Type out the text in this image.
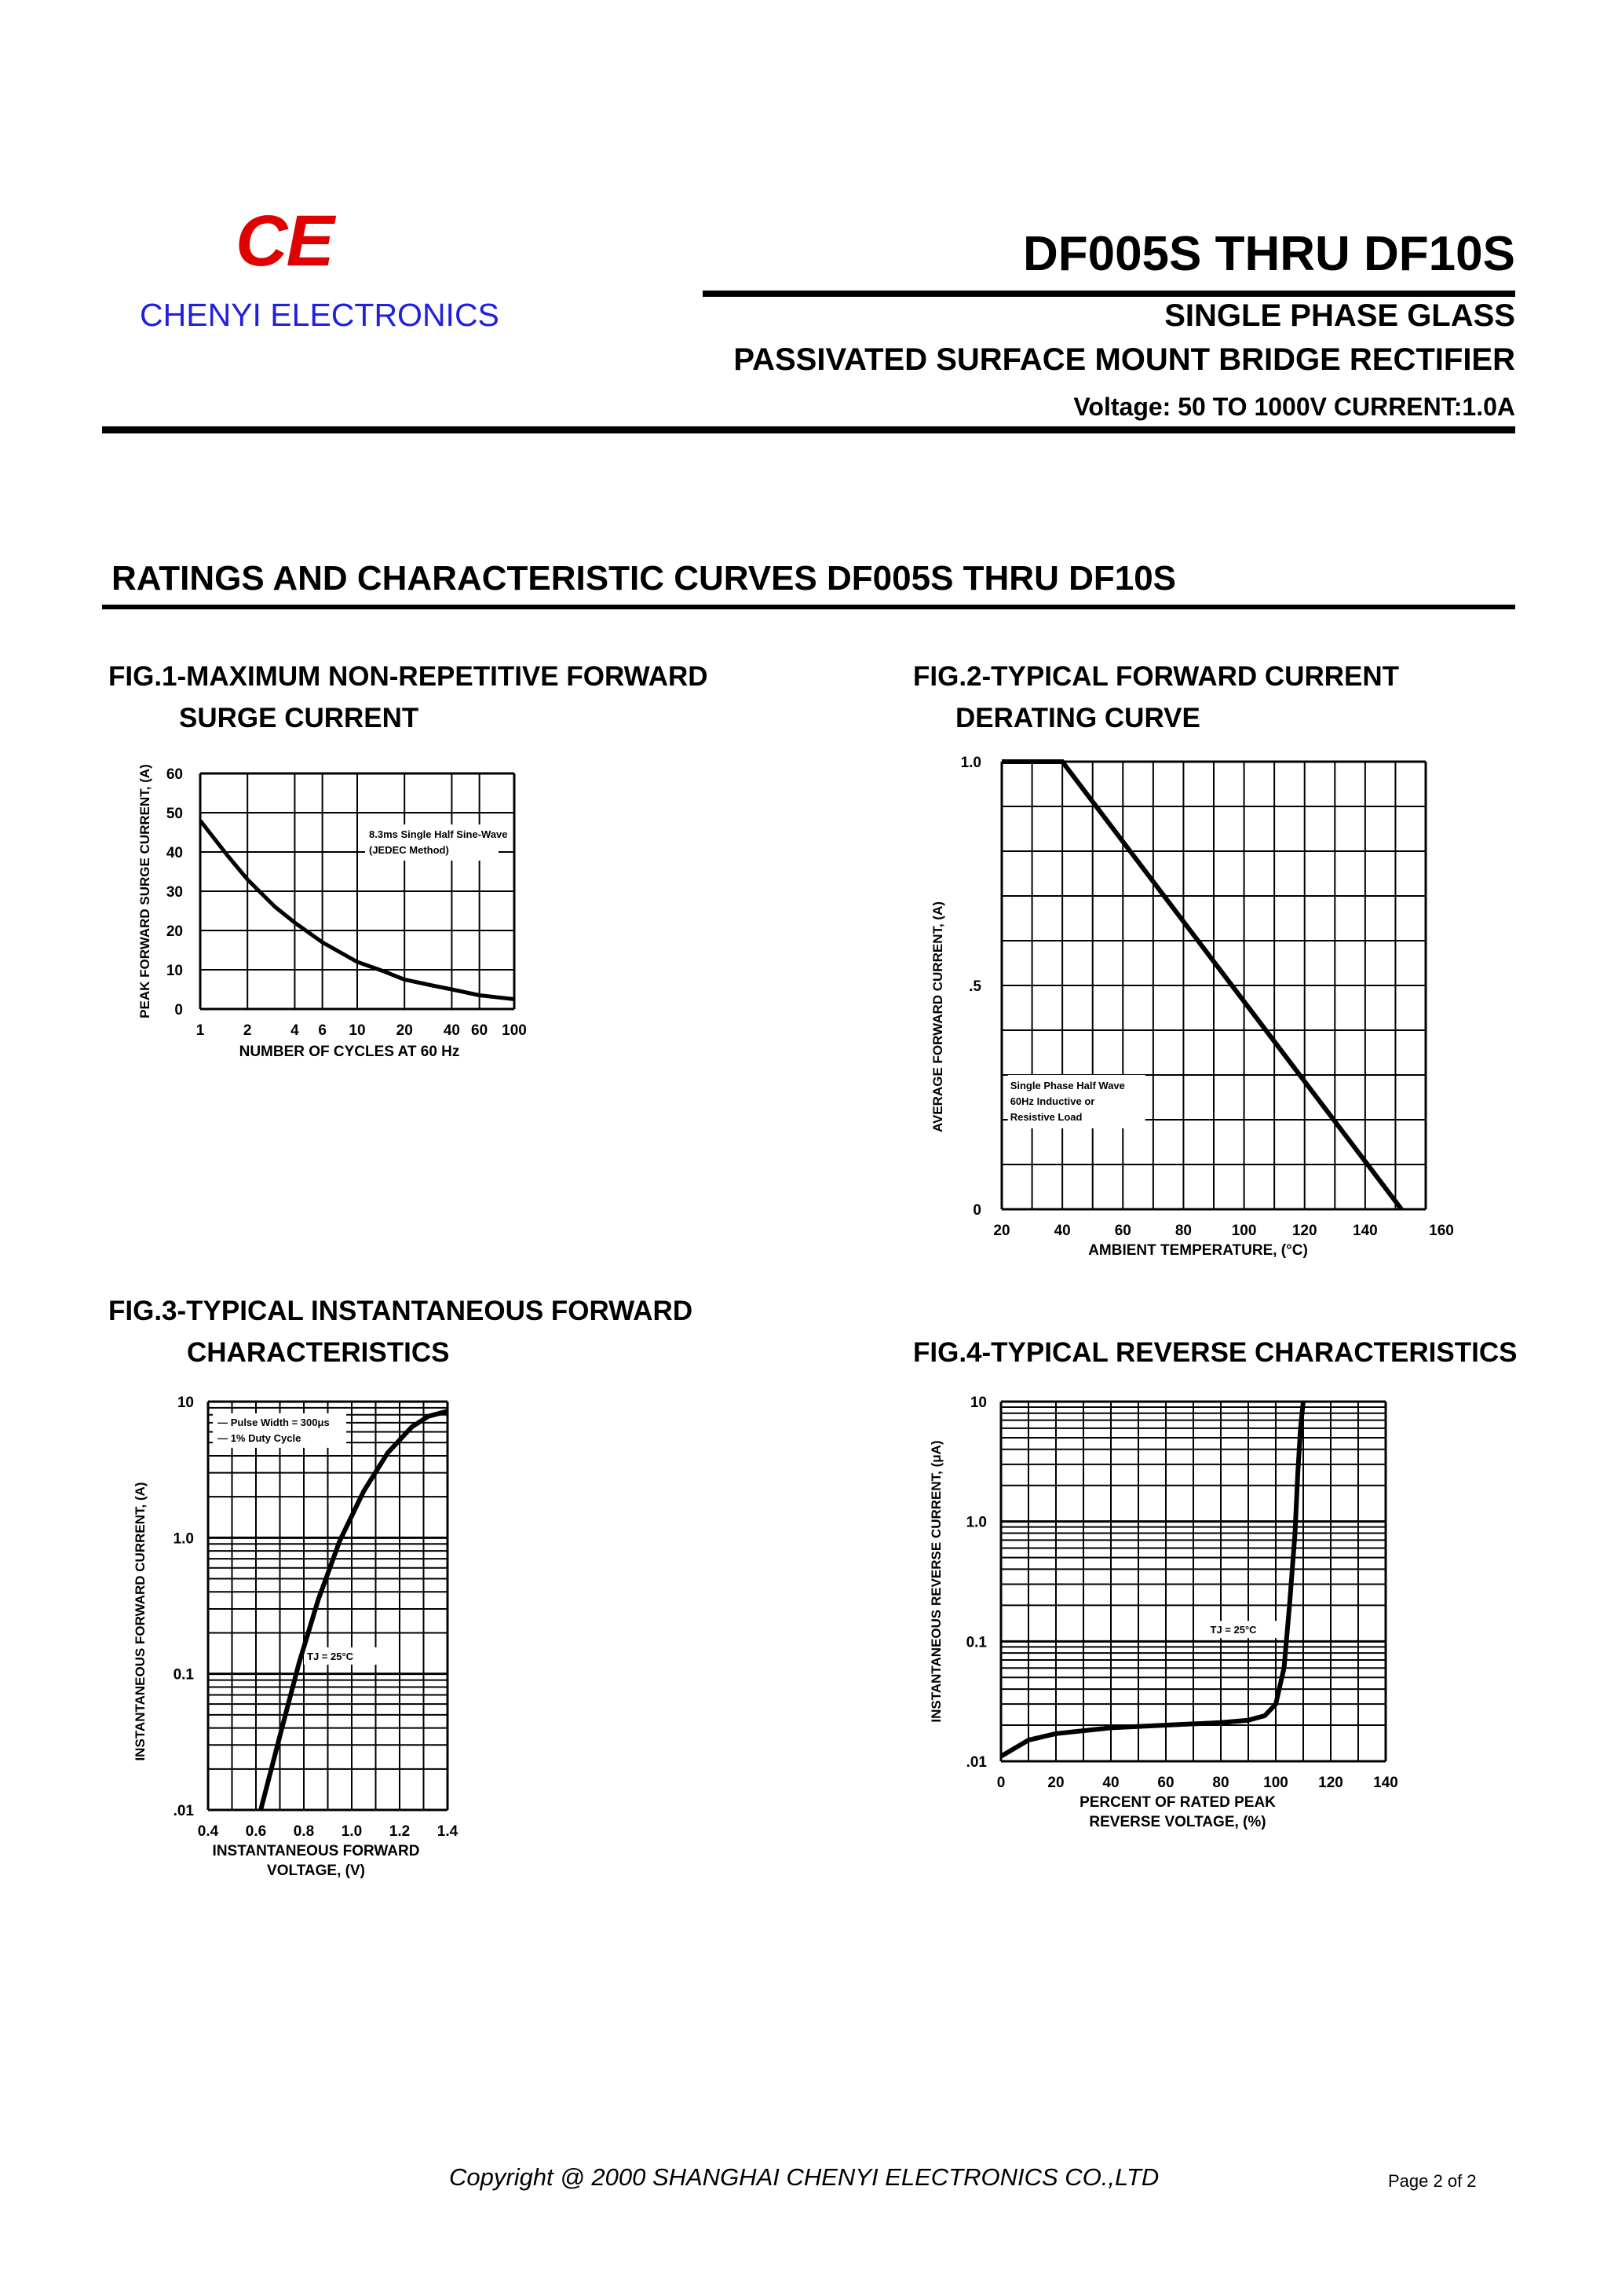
CE
CHENYI ELECTRONICS
DF005S THRU DF10S
SINGLE PHASE GLASS
PASSIVATED SURFACE MOUNT BRIDGE RECTIFIER
Voltage: 50 TO 1000V CURRENT:1.0A
RATINGS AND CHARACTERISTIC CURVES DF005S THRU DF10S
FIG.1-MAXIMUM NON-REPETITIVE FORWARD
SURGE CURRENT
FIG.2-TYPICAL FORWARD CURRENT
DERATING CURVE
FIG.3-TYPICAL INSTANTANEOUS FORWARD
CHARACTERISTICS	FIG.4-TYPICAL REVERSE CHARACTERISTICS
60
50
40
30
20
10
0
1	2	4 6 10 20 40 60 100
NUMBER OF CYCLES AT 60 Hz
PEAK FORWARD SURGE CURRENT, (A)	8.3ms Single Half Sine-Wave
(JEDEC Method)
1.0
.5
0
20	40	60	80	100 120 140	160
AMBIENT TEMPERATURE, (°C)
AVERAGE FORWARD CURRENT, (A)	Single Phase Half Wave
60Hz Inductive or
Resistive Load
10
1.0
0.1
.01
0.4 0.6 0.8 1.0 1.2 1.4
INSTANTANEOUS FORWARD
VOLTAGE, (V)
INSTANTANEOUS FORWARD CURRENT, (A)
— Pulse Width = 300μs
— 1% Duty Cycle
TJ = 25°C
10
1.0
0.1
.01
0	20	40	60	80 100 120 140
PERCENT OF RATED PEAK
REVERSE VOLTAGE, (%)
INSTANTANEOUS REVERSE CURRENT, (μA)	TJ = 25°C
Copyright @ 2000 SHANGHAI CHENYI ELECTRONICS CO.,LTD	Page 2 of 2
